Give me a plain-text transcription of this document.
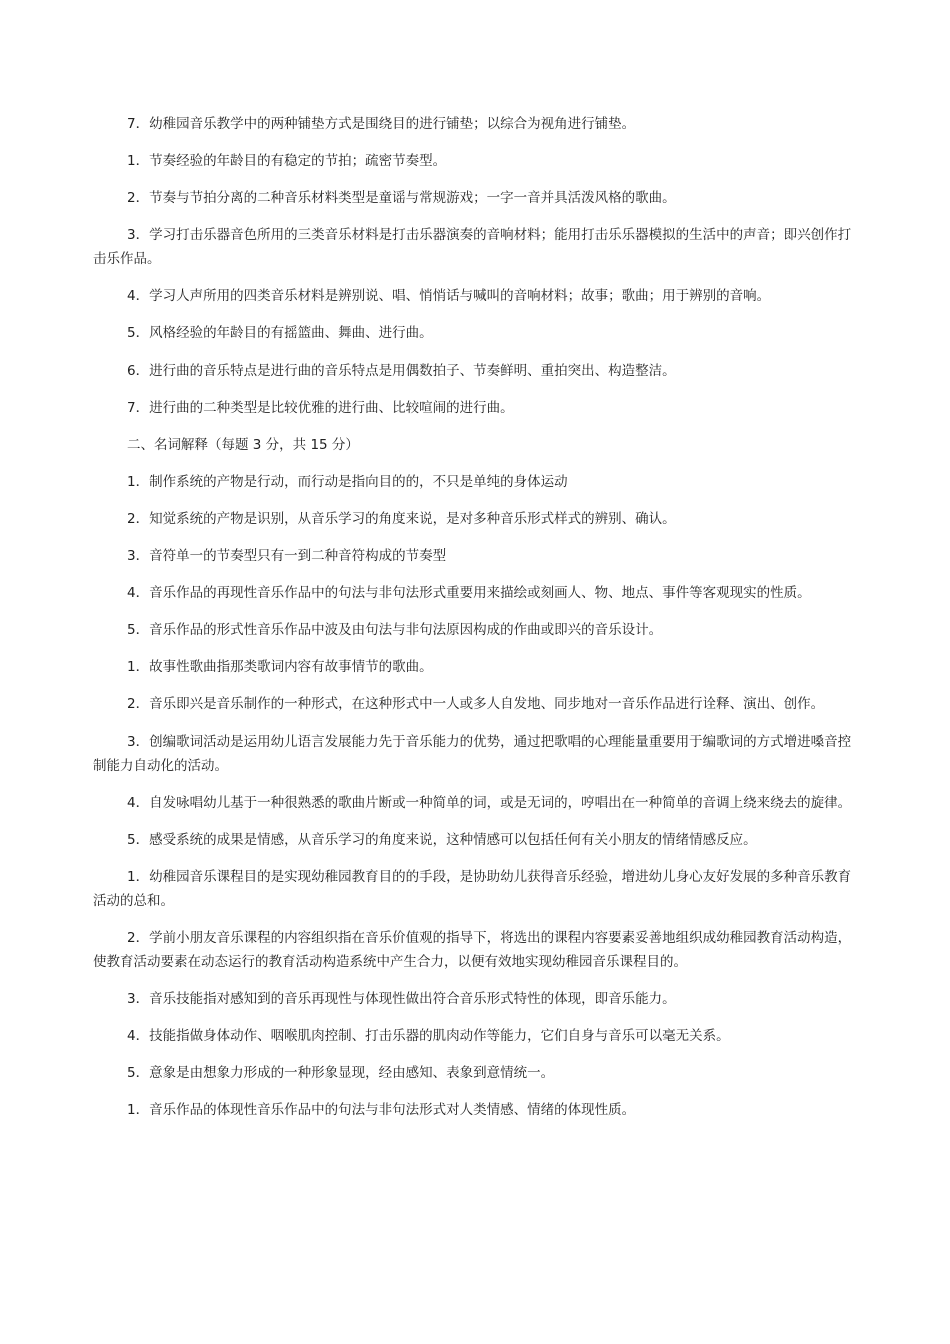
7．幼稚园音乐教学中的两种铺垫方式是围绕目的进行铺垫；以综合为视角进行铺垫。

1．节奏经验的年龄目的有稳定的节拍；疏密节奏型。

2．节奏与节拍分离的二种音乐材料类型是童谣与常规游戏；一字一音并具活泼风格的歌曲。

3．学习打击乐器音色所用的三类音乐材料是打击乐器演奏的音响材料；能用打击乐乐器模拟的生活中的声音；即兴创作打击乐作品。

4．学习人声所用的四类音乐材料是辨别说、唱、悄悄话与喊叫的音响材料；故事；歌曲；用于辨别的音响。

5．风格经验的年龄目的有摇篮曲、舞曲、进行曲。

6．进行曲的音乐特点是进行曲的音乐特点是用偶数拍子、节奏鲜明、重拍突出、构造整洁。

7．进行曲的二种类型是比较优雅的进行曲、比较喧闹的进行曲。

二、名词解释（每题 3 分，共 15 分）

1．制作系统的产物是行动，而行动是指向目的的，不只是单纯的身体运动

2．知觉系统的产物是识别，从音乐学习的角度来说，是对多种音乐形式样式的辨别、确认。

3．音符单一的节奏型只有一到二种音符构成的节奏型

4．音乐作品的再现性音乐作品中的句法与非句法形式重要用来描绘或刻画人、物、地点、事件等客观现实的性质。

5．音乐作品的形式性音乐作品中波及由句法与非句法原因构成的作曲或即兴的音乐设计。

1．故事性歌曲指那类歌词内容有故事情节的歌曲。

2．音乐即兴是音乐制作的一种形式，在这种形式中一人或多人自发地、同步地对一音乐作品进行诠释、演出、创作。

3．创编歌词活动是运用幼儿语言发展能力先于音乐能力的优势，通过把歌唱的心理能量重要用于编歌词的方式增进嗓音控制能力自动化的活动。

4．自发咏唱幼儿基于一种很熟悉的歌曲片断或一种简单的词，或是无词的，哼唱出在一种简单的音调上绕来绕去的旋律。

5．感受系统的成果是情感，从音乐学习的角度来说，这种情感可以包括任何有关小朋友的情绪情感反应。

1．幼稚园音乐课程目的是实现幼稚园教育目的的手段，是协助幼儿获得音乐经验，增进幼儿身心友好发展的多种音乐教育活动的总和。

2．学前小朋友音乐课程的内容组织指在音乐价值观的指导下，将选出的课程内容要素妥善地组织成幼稚园教育活动构造，使教育活动要素在动态运行的教育活动构造系统中产生合力，以便有效地实现幼稚园音乐课程目的。

3．音乐技能指对感知到的音乐再现性与体现性做出符合音乐形式特性的体现，即音乐能力。

4．技能指做身体动作、咽喉肌肉控制、打击乐器的肌肉动作等能力，它们自身与音乐可以毫无关系。

5．意象是由想象力形成的一种形象显现，经由感知、表象到意情统一。

1．音乐作品的体现性音乐作品中的句法与非句法形式对人类情感、情绪的体现性质。
